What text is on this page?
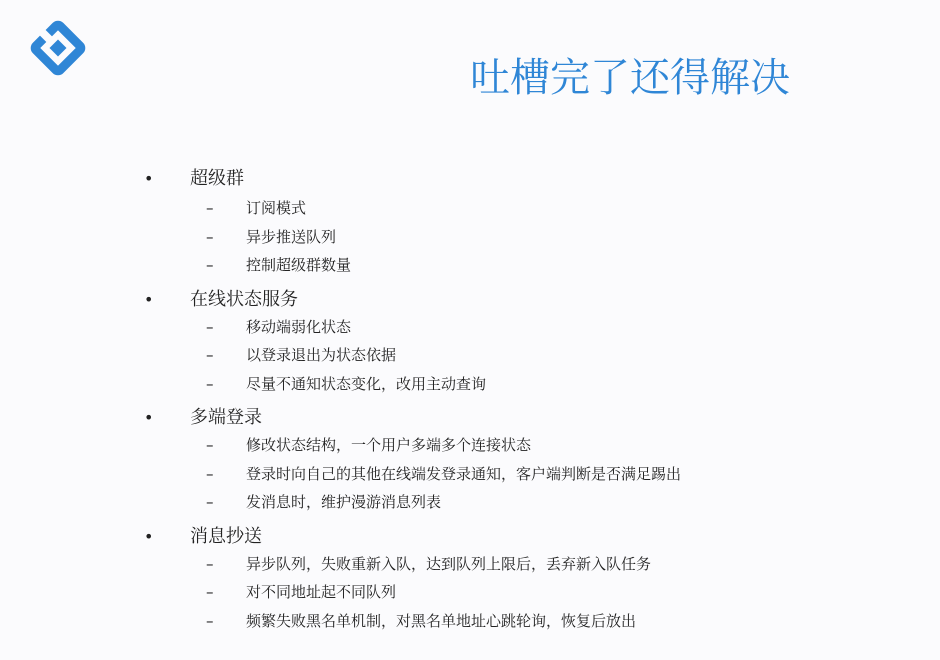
吐槽完了还得解决
• 超级群
– 订阅模式
– 异步推送队列
– 控制超级群数量
• 在线状态服务
– 移动端弱化状态
– 以登录退出为状态依据
– 尽量不通知状态变化，改用主动查询
• 多端登录
– 修改状态结构，一个用户多端多个连接状态
– 登录时向自己的其他在线端发登录通知，客户端判断是否满足踢出
– 发消息时，维护漫游消息列表
• 消息抄送
– 异步队列，失败重新入队，达到队列上限后，丢弃新入队任务
– 对不同地址起不同队列
– 频繁失败黑名单机制，对黑名单地址心跳轮询，恢复后放出
